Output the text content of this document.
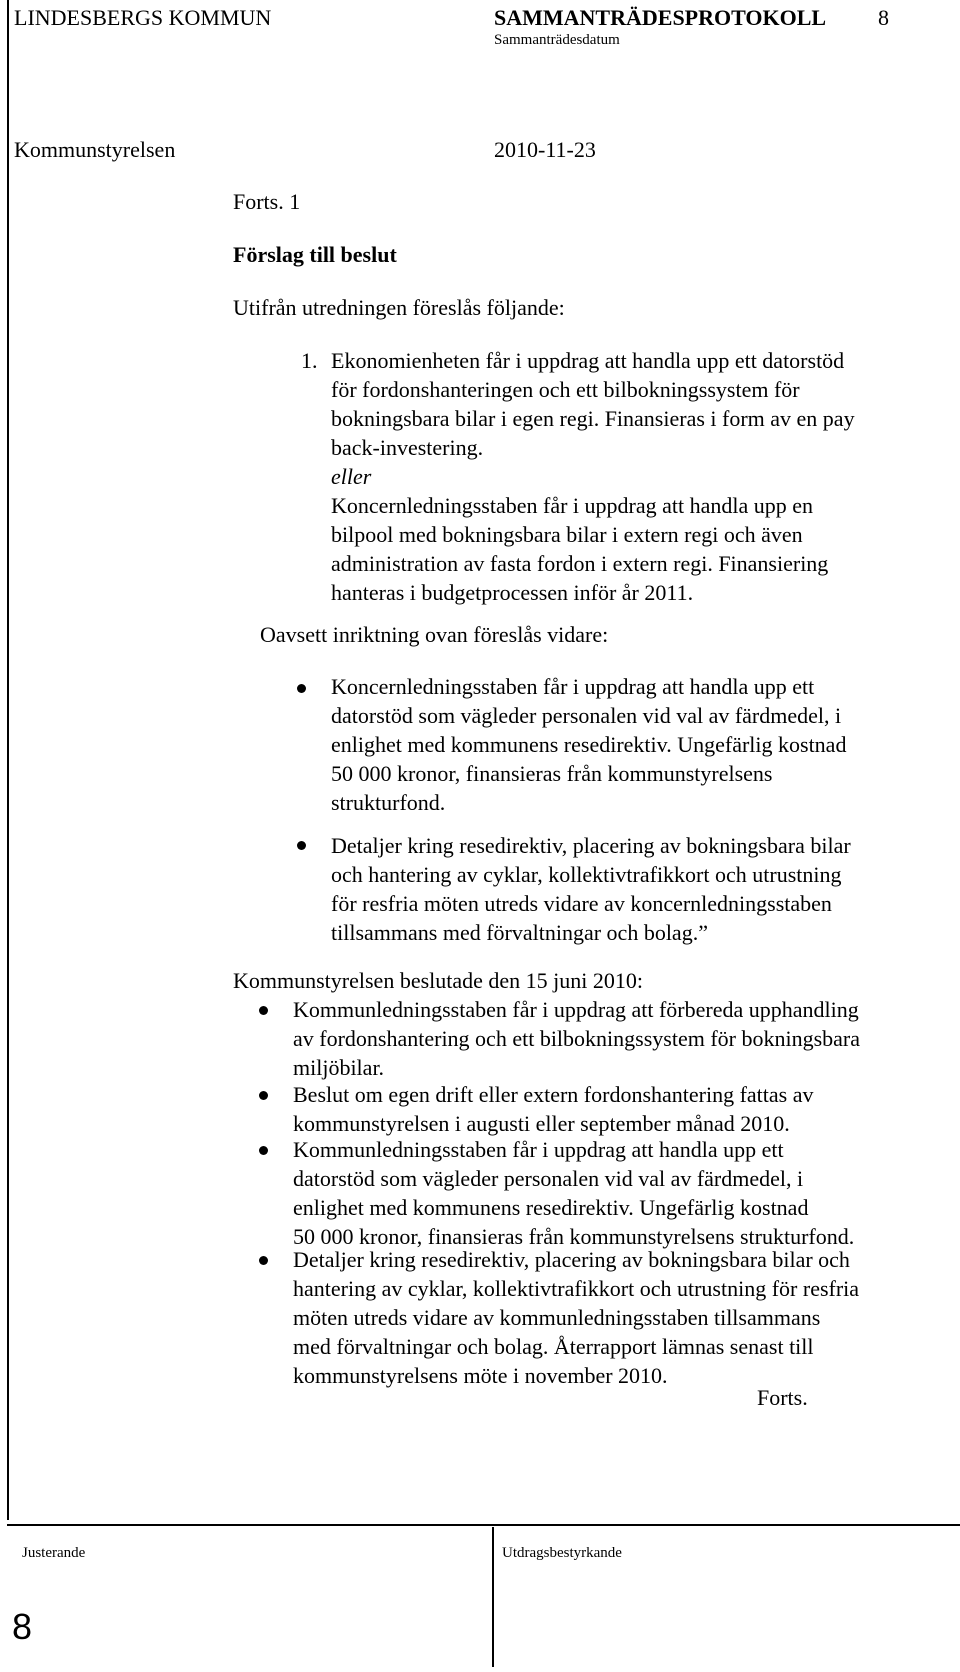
LINDESBERGS KOMMUN	SAMMANTRÄDESPROTOKOLL 8
Sammanträdesdatum
Kommunstyrelsen	2010-11-23
Forts. 1
Förslag till beslut
Utifrån utredningen föreslås följande:
1. Ekonomienheten får i uppdrag att handla upp ett datorstöd
för fordonshanteringen och ett bilbokningssystem för
bokningsbara bilar i egen regi. Finansieras i form av en pay
back-investering.
eller
Koncernledningsstaben får i uppdrag att handla upp en
bilpool med bokningsbara bilar i extern regi och även
administration av fasta fordon i extern regi. Finansiering
hanteras i budgetprocessen inför år 2011.
Oavsett inriktning ovan föreslås vidare:
Koncernledningsstaben får i uppdrag att handla upp ett
datorstöd som vägleder personalen vid val av färdmedel, i
enlighet med kommunens resedirektiv. Ungefärlig kostnad
50 000 kronor, finansieras från kommunstyrelsens
strukturfond.
Detaljer kring resedirektiv, placering av bokningsbara bilar
och hantering av cyklar, kollektivtrafikkort och utrustning
för resfria möten utreds vidare av koncernledningsstaben
tillsammans med förvaltningar och bolag.”
Kommunstyrelsen beslutade den 15 juni 2010:
Kommunledningsstaben får i uppdrag att förbereda upphandling
av fordonshantering och ett bilbokningssystem för bokningsbara
miljöbilar.
Beslut om egen drift eller extern fordonshantering fattas av
kommunstyrelsen i augusti eller september månad 2010.
Kommunledningsstaben får i uppdrag att handla upp ett
datorstöd som vägleder personalen vid val av färdmedel, i
enlighet med kommunens resedirektiv. Ungefärlig kostnad
50 000 kronor, finansieras från kommunstyrelsens strukturfond.
Detaljer kring resedirektiv, placering av bokningsbara bilar och
hantering av cyklar, kollektivtrafikkort och utrustning för resfria
möten utreds vidare av kommunledningsstaben tillsammans
med förvaltningar och bolag. Återrapport lämnas senast till
kommunstyrelsens möte i november 2010.
Forts.
Justerande	Utdragsbestyrkande
8
